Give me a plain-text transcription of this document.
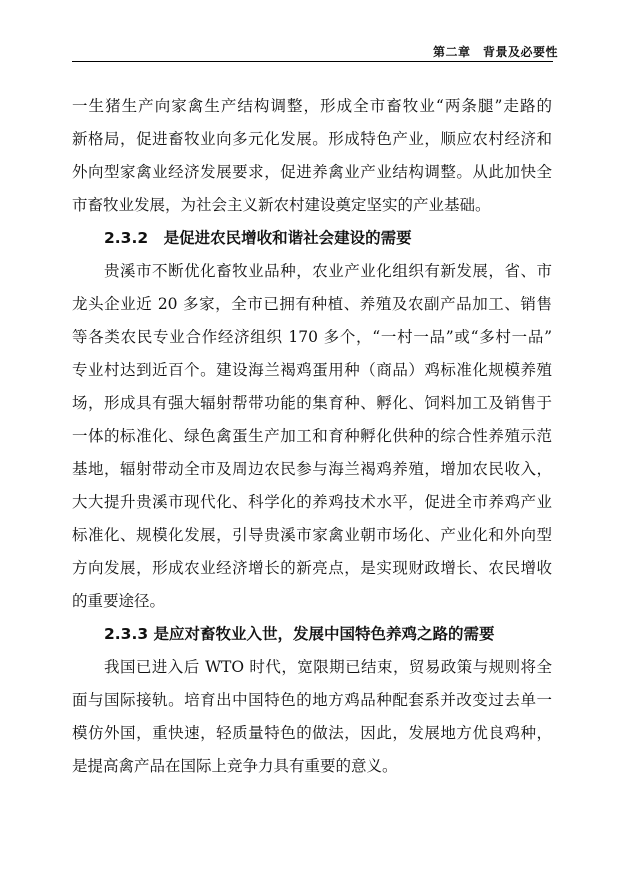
第二章　背景及必要性
一生猪生产向家禽生产结构调整，形成全市畜牧业“两条腿”走路的
新格局，促进畜牧业向多元化发展。形成特色产业，顺应农村经济和
外向型家禽业经济发展要求，促进养禽业产业结构调整。从此加快全
市畜牧业发展，为社会主义新农村建设奠定坚实的产业基础。
2.3.2　是促进农民增收和谐社会建设的需要
贵溪市不断优化畜牧业品种，农业产业化组织有新发展，省、市
龙头企业近 20 多家，全市已拥有种植、养殖及农副产品加工、销售
等各类农民专业合作经济组织 170 多个，“一村一品”或“多村一品”
专业村达到近百个。建设海兰褐鸡蛋用种（商品）鸡标准化规模养殖
场，形成具有强大辐射帮带功能的集育种、孵化、饲料加工及销售于
一体的标准化、绿色禽蛋生产加工和育种孵化供种的综合性养殖示范
基地，辐射带动全市及周边农民参与海兰褐鸡养殖，增加农民收入，
大大提升贵溪市现代化、科学化的养鸡技术水平，促进全市养鸡产业
标准化、规模化发展，引导贵溪市家禽业朝市场化、产业化和外向型
方向发展，形成农业经济增长的新亮点，是实现财政增长、农民增收
的重要途径。
2.3.3 是应对畜牧业入世，发展中国特色养鸡之路的需要
我国已进入后 WTO 时代，宽限期已结束，贸易政策与规则将全
面与国际接轨。培育出中国特色的地方鸡品种配套系并改变过去单一
模仿外国，重快速，轻质量特色的做法，因此，发展地方优良鸡种，
是提高禽产品在国际上竞争力具有重要的意义。
